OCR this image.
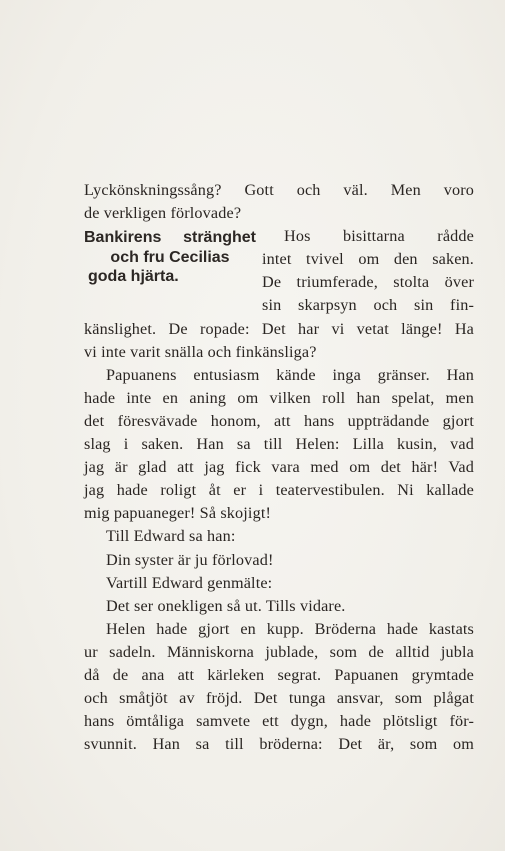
Lyckönskningssång? Gott och väl. Men voro
de verkligen förlovade?
Bankirens stränghet
och fru Cecilias
goda hjärta.
Hos bisittarna rådde
intet tvivel om den saken.
De triumferade, stolta över
sin skarpsyn och sin fin-
känslighet. De ropade: Det har vi vetat länge! Ha
vi inte varit snälla och finkänsliga?
Papuanens entusiasm kände inga gränser. Han
hade inte en aning om vilken roll han spelat, men
det föresvävade honom, att hans uppträdande gjort
slag i saken. Han sa till Helen: Lilla kusin, vad
jag är glad att jag fick vara med om det här! Vad
jag hade roligt åt er i teatervestibulen. Ni kallade
mig papuaneger! Så skojigt!
Till Edward sa han:
Din syster är ju förlovad!
Vartill Edward genmälte:
Det ser onekligen så ut. Tills vidare.
Helen hade gjort en kupp. Bröderna hade kastats
ur sadeln. Människorna jublade, som de alltid jubla
då de ana att kärleken segrat. Papuanen grymtade
och småtjöt av fröjd. Det tunga ansvar, som plågat
hans ömtåliga samvete ett dygn, hade plötsligt för-
svunnit. Han sa till bröderna: Det är, som om
